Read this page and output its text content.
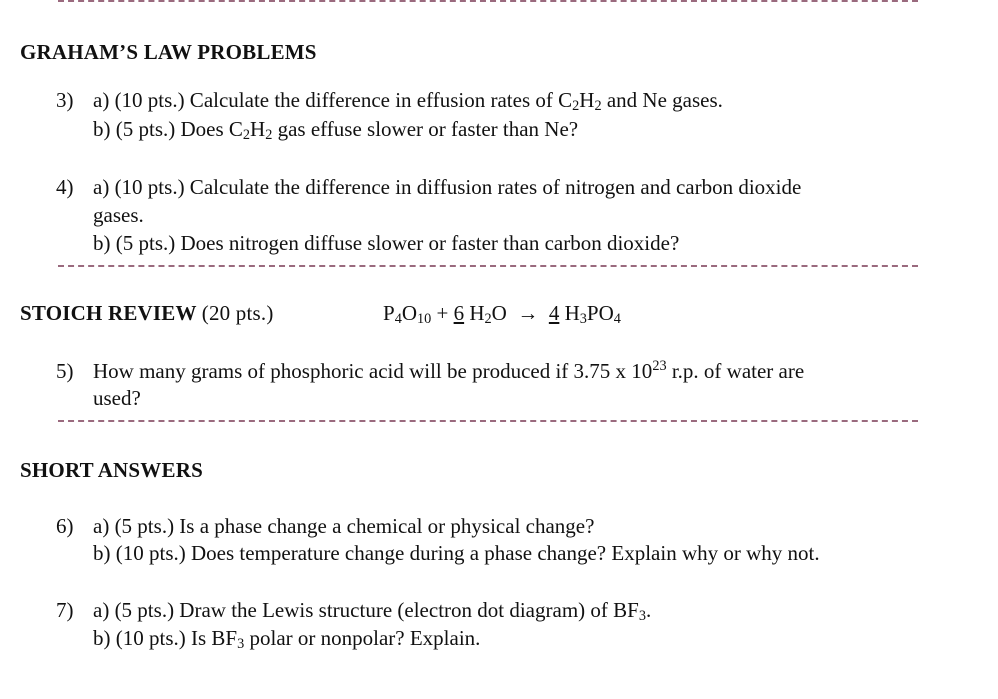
GRAHAM’S LAW PROBLEMS
3) a) (10 pts.) Calculate the difference in effusion rates of $C_2H_2$ and Ne gases.
b) (5 pts.) Does $C_2H_2$ gas effuse slower or faster than Ne?
4) a) (10 pts.) Calculate the difference in diffusion rates of nitrogen and carbon dioxide
gases.
b) (5 pts.) Does nitrogen diffuse slower or faster than carbon dioxide?
STOICH REVIEW (20 pts.)	$P_4O_{10} + 6$ $H_2O \to 4$ $H_3PO_4$
5) How many grams of phosphoric acid will be produced if 3.75 x $10^{23}$ r.p. of water are
used?
SHORT ANSWERS
6) a) (5 pts.) Is a phase change a chemical or physical change?
b) (10 pts.) Does temperature change during a phase change? Explain why or why not.
7) a) (5 pts.) Draw the Lewis structure (electron dot diagram) of $BF_3$.
b) (10 pts.) Is $BF_3$ polar or nonpolar? Explain.
